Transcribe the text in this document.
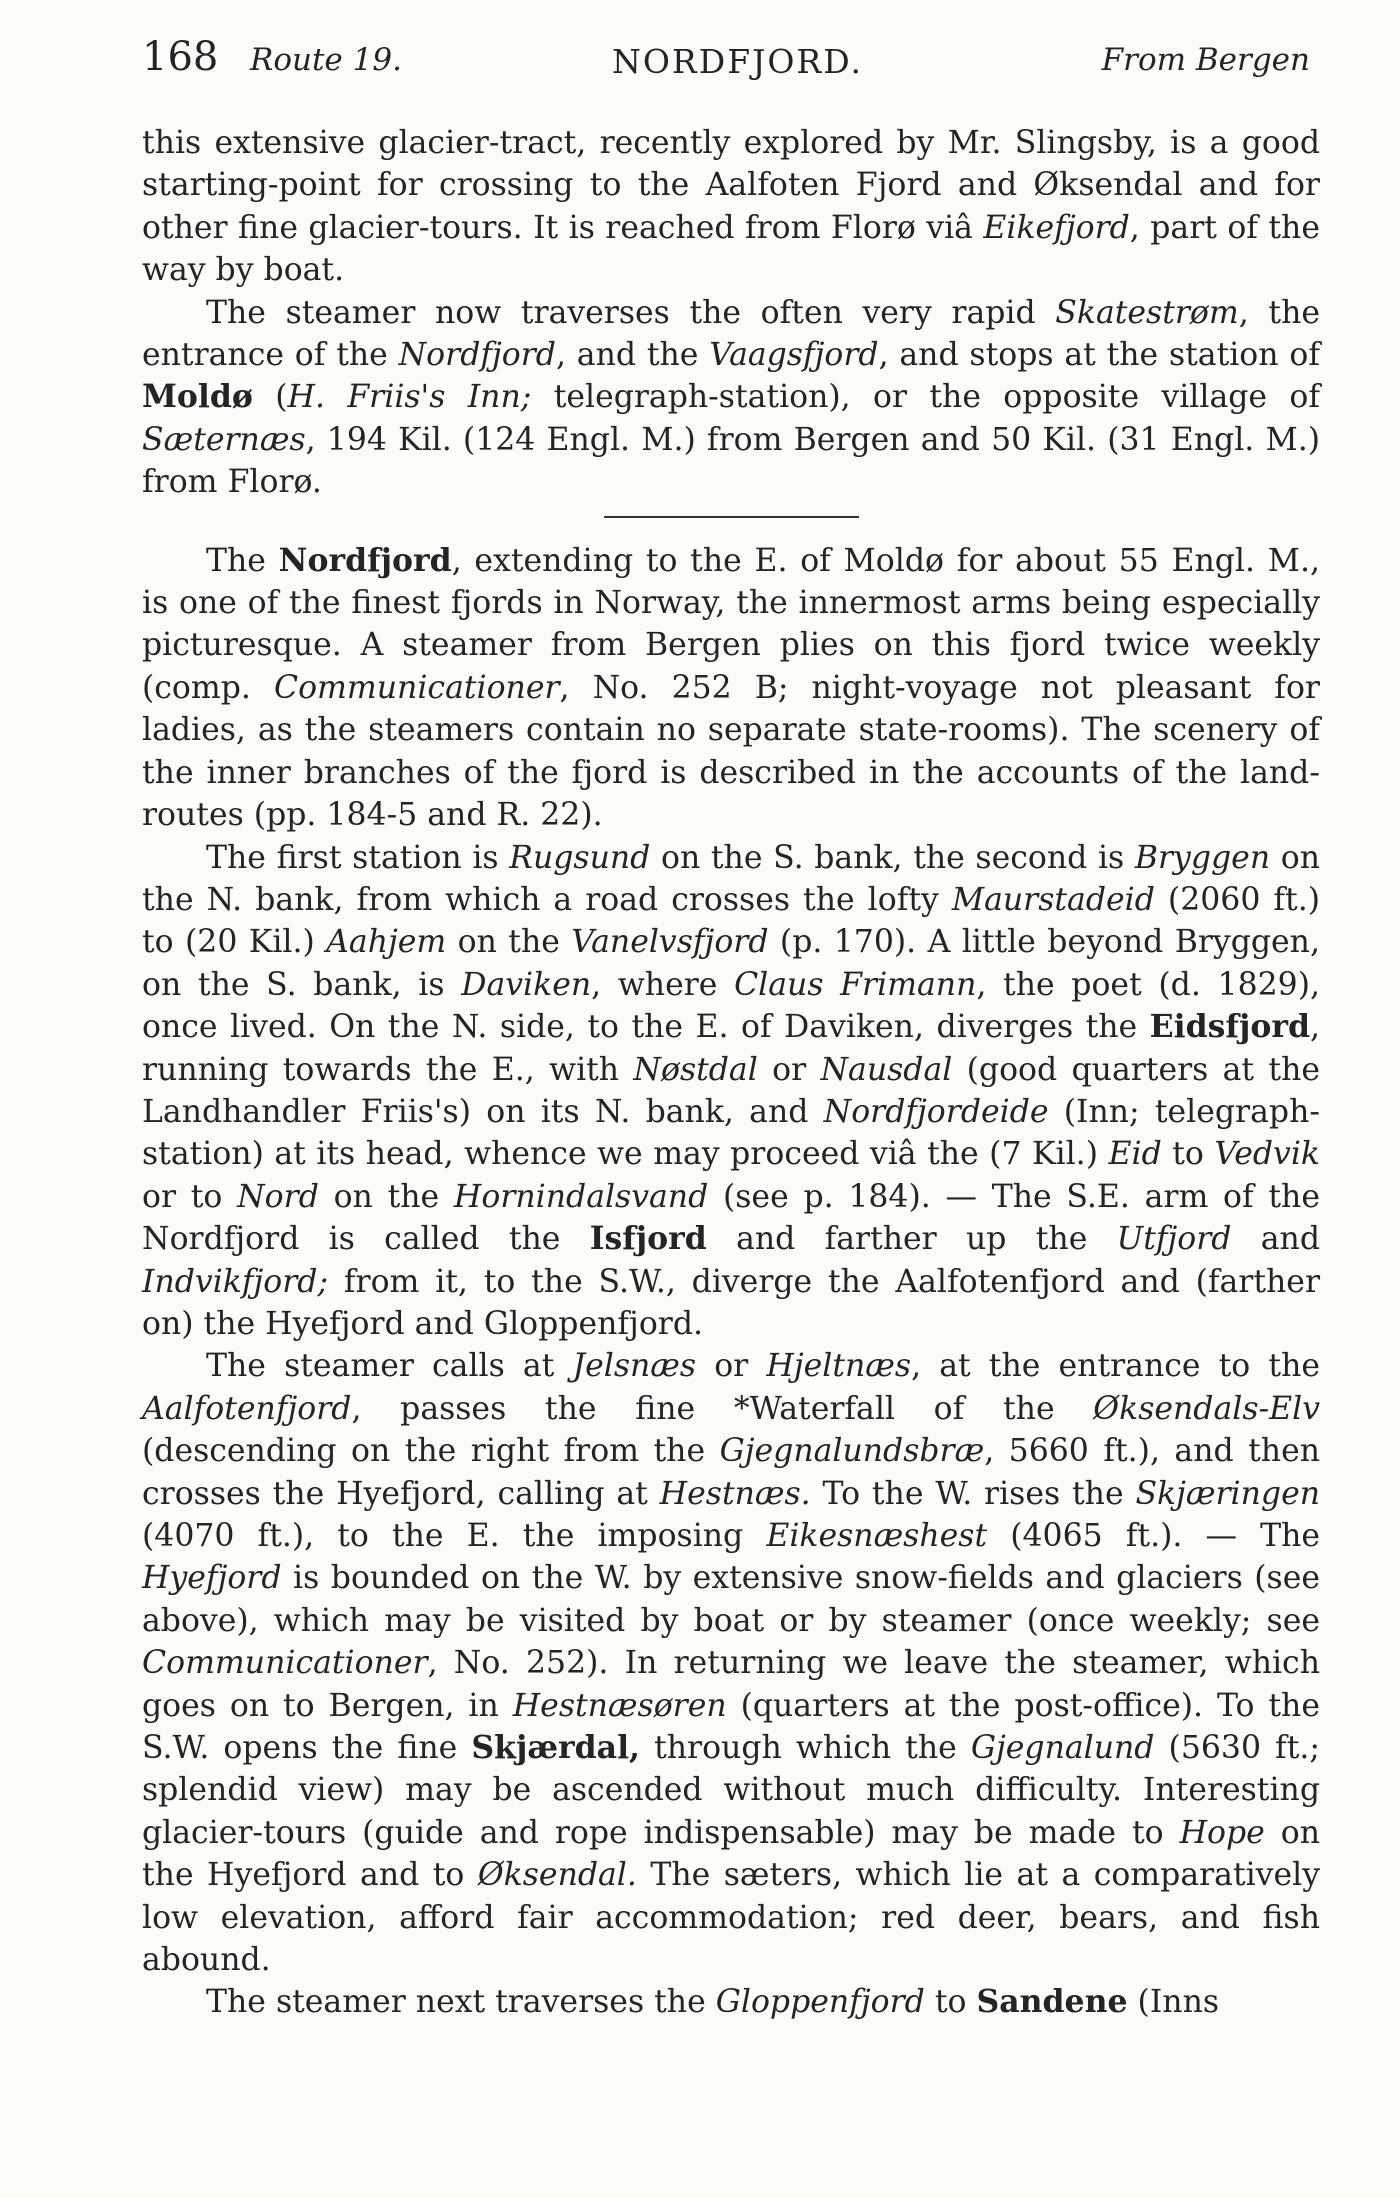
168 Route 19.	NORDFJORD.	From Bergen

this extensive glacier-tract, recently explored by Mr. Slingsby, is a good starting-point for crossing to the Aalfoten Fjord and Øksendal and for other fine glacier-tours. It is reached from Florø viâ Eikefjord, part of the way by boat.

The steamer now traverses the often very rapid Skatestrøm, the entrance of the Nordfjord, and the Vaagsfjord, and stops at the station of Moldø (H. Friis's Inn; telegraph-station), or the opposite village of Sæternæs, 194 Kil. (124 Engl. M.) from Bergen and 50 Kil. (31 Engl. M.) from Florø.

The Nordfjord, extending to the E. of Moldø for about 55 Engl. M., is one of the finest fjords in Norway, the innermost arms being especially picturesque. A steamer from Bergen plies on this fjord twice weekly (comp. Communicationer, No. 252 B; night-voyage not pleasant for ladies, as the steamers contain no separate state-rooms). The scenery of the inner branches of the fjord is described in the accounts of the land-routes (pp. 184-5 and R. 22).

The first station is Rugsund on the S. bank, the second is Bryggen on the N. bank, from which a road crosses the lofty Maurstadeid (2060 ft.) to (20 Kil.) Aahjem on the Vanelvsfjord (p. 170). A little beyond Bryggen, on the S. bank, is Daviken, where Claus Frimann, the poet (d. 1829), once lived. On the N. side, to the E. of Daviken, diverges the Eidsfjord, running towards the E., with Nøstdal or Nausdal (good quarters at the Landhandler Friis's) on its N. bank, and Nordfjordeide (Inn; telegraph-station) at its head, whence we may proceed viâ the (7 Kil.) Eid to Vedvik or to Nord on the Hornindalsvand (see p. 184). — The S.E. arm of the Nordfjord is called the Isfjord and farther up the Utfjord and Indvikfjord; from it, to the S.W., diverge the Aalfotenfjord and (farther on) the Hyefjord and Gloppenfjord.

The steamer calls at Jelsnæs or Hjeltnæs, at the entrance to the Aalfotenfjord, passes the fine *Waterfall of the Øksendals-Elv (descending on the right from the Gjegnalundsbræ, 5660 ft.), and then crosses the Hyefjord, calling at Hestnæs. To the W. rises the Skjæringen (4070 ft.), to the E. the imposing Eikesnæshest (4065 ft.). — The Hyefjord is bounded on the W. by extensive snow-fields and glaciers (see above), which may be visited by boat or by steamer (once weekly; see Communicationer, No. 252). In returning we leave the steamer, which goes on to Bergen, in Hestnæsøren (quarters at the post-office). To the S.W. opens the fine Skjærdal, through which the Gjegnalund (5630 ft.; splendid view) may be ascended without much difficulty. Interesting glacier-tours (guide and rope indispensable) may be made to Hope on the Hyefjord and to Øksendal. The sæters, which lie at a comparatively low elevation, afford fair accommodation; red deer, bears, and fish abound.

The steamer next traverses the Gloppenfjord to Sandene (Inns
